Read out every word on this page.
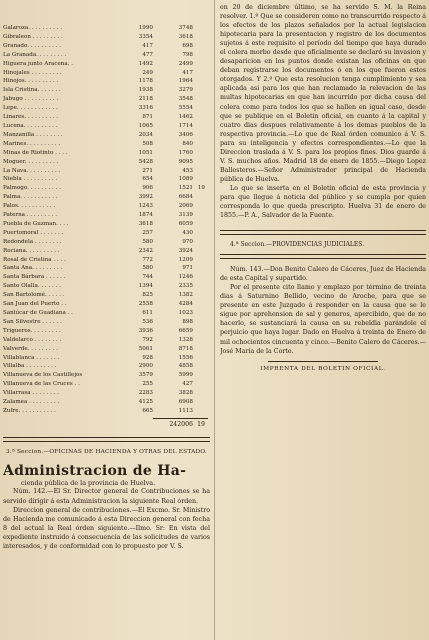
Galaroza. . . . . . . . . .	1990	3748
Gibraleon . . . . . . . . .	3354	3618
Granado. . . . . . . . . .	417	698
La Granada. . . . . . . . .	477	798
Higuera junto Aracena. .	1492	2499
Hinojales . . . . . . . . .	249	417
Hinojos. . . . . . . . . .	1178	1964
Isla Cristina. . . . . . .	1938	3279
Jabugo . . . . . . . . . .	2118	3548
Lepe. . . . . . . . . . . .	3316	5554
Linares. . . . . . . . . .	871	1462
Lucena. . . . . . . . . .	1065	1714
Manzanilla . . . . . . . .	2034	3406
Marines. . . . . . . . . .	508	840
Minas de Riotinto . . . .	1051	1760
Moguer. . . . . . . . . .	5428	9095
La Nava. . . . . . . . . .	271	453
Niebla . . . . . . . . . .	654	1089
Palmogo. . . . . . . . . .	906	1521 19
Palma. . . . . . . . . . .	3992	6684
Palos. . . . . . . . . . .	1243	2069
Paterna . . . . . . . . .	1874	3139
Puebla de Guzman. . . .	3618	6059
Puertomoral . . . . . . .	257	430
Redondela . . . . . . . .	580	970
Rociana. . . . . . . . . .	2342	3924
Rosal de Cristina . . . .	772	1209
Santa Ana. . . . . . . . .	580	971
Santa Bárbara . . . . . .	744	1246
Santo Olalla. . . . . . .	1394	2335
San Bartolomé. . . . . .	825	1382
San Juan del Puerto . .	2558	4284
Sanlúcar de Guadiana . .	611	1023
San Silvestre . . . . . .	536	898
Trigueros. . . . . . . . .	3936	6659
Valdelarco . . . . . . . .	792	1328
Valverde. . . . . . . . .	5061	8718
Villablanca . . . . . . .	928	1556
Villalba . . . . . . . . .	2900	4858
Villanueva de los Castillejos	3579	5999
Villanueva de las Cruces . .	255	427
Villarrasa . . . . . . . .	2283	3828
Zalamea . . . . . . . . .	4125	6908
Zufre. . . . . . . . . . .	665	1113
242006 19
3.ª Seccion.—OFICINAS DE HACIENDA Y OTRAS DEL ESTADO.
Administracion de Ha-
cienda pública de la provincia de Huelva.

Núm. 142.—El Sr. Director general de Contribuciones se ha servido dirigir á esta Administracion la siguiente Real órden.

Direccion general de contribuciones.—El Excmo. Sr. Ministro de Hacienda me comunicado á esta Direccion general con fecha 8 del actual la Real órden siguiente.—Ilmo. Sr: En vista del expediente instruido á consecuencia de las solicitudes de varios interesados, y de conformidad con lo propuesto por V. S.

en 20 de diciembre último, se ha servido S. M. la Reina resolver. 1.º Que se consideren como no transcurrido respecto á los efectos de los plazos señalados por la actual legislacion hipotecaria para la presentacion y registro de los documentos sujetos á este requisito el período del tiempo que haya durado el colera morbo desde que oficialmente se declaró su invasion y desaparicion en los puntos donde existan las oficinas en que deban registrarse los documentos ó en los que fueron estos otorgados. Y 2.º Que esta resolucion tenga cumplimiento y sea aplicada asi para los que han reclamado la relevacion de las multas hipotecarias en que han incurrido por dicha causa del colera como para todos los que se hallen en igual caso, desde que se publique en el Boletin oficial, en cuanto á la capital y cuatro dias despues relativamente á los demas pueblos de la respectiva provincia.—Lo que de Real órden comunico á V. S. para su inteligencia y efectos correspondientes.—Lo que la Direccion traslada á V. S. para los propios fines. Dios guarde á V. S. muchos años. Madrid 18 de enero de 1855.—Diego Lopez Ballesteros.—Señor Administrador principal de Hacienda pública de Huelva.

Lo que se inserta en el Boletin oficial de esta provincia y para que llegue á noticia del público y se cumpla por quien corresponda lo que queda prescripto. Huelva 31 de enero de 1855.—P. A., Salvador de la Fuente.

4.ª Seccion.—PROVIDENCIAS JUDICIALES.

Núm. 143.—Don Benito Calero de Cáceres, Juez de Hacienda de esta Capital y supartido.

Por el presente cito llamo y emplazo por término de treinta dias á Saturnino Bellido, vecino de Aroche, para que se presente en este Juzgado á responder en la causa que se le sigue por aprehension de sal y generos, apercibido, que de no hacerlo, se sustanciará la causa en su rebeldia parándole el perjuicio que haya lugar. Dado en Huelva á treinta de Enero de mil ochocientos cincuenta y cinco.—Benito Calero de Cáceres.—José María de la Corte.

IMPRENTA DEL BOLETIN OFICIAL.
